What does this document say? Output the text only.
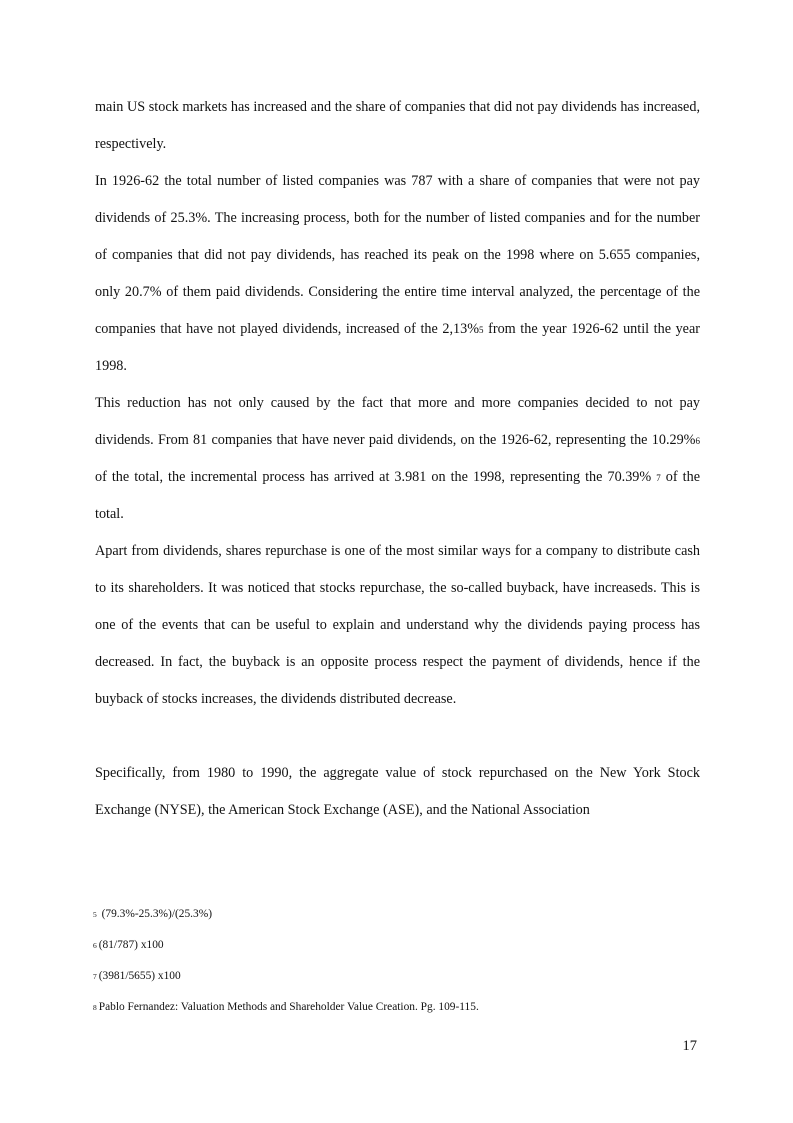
main US stock markets has increased and the share of companies that did not pay dividends has increased, respectively.

In 1926-62 the total number of listed companies was 787 with a share of companies that were not pay dividends of 25.3%. The increasing process, both for the number of listed companies and for the number of companies that did not pay dividends, has reached its peak on the 1998 where on 5.655 companies, only 20.7% of them paid dividends. Considering the entire time interval analyzed, the percentage of the companies that have not played dividends, increased of the 2,13%5 from the year 1926-62 until the year 1998.

This reduction has not only caused by the fact that more and more companies decided to not pay dividends. From 81 companies that have never paid dividends, on the 1926-62, representing the 10.29%6 of the total, the incremental process has arrived at 3.981 on the 1998, representing the 70.39% 7 of the total.

Apart from dividends, shares repurchase is one of the most similar ways for a company to distribute cash to its shareholders. It was noticed that stocks repurchase, the so-called buyback, have increaseds. This is one of the events that can be useful to explain and understand why the dividends paying process has decreased. In fact, the buyback is an opposite process respect the payment of dividends, hence if the buyback of stocks increases, the dividends distributed decrease.

Specifically, from 1980 to 1990, the aggregate value of stock repurchased on the New York Stock Exchange (NYSE), the American Stock Exchange (ASE), and the National Association

5 (79.3%-25.3%)/(25.3%)
6 (81/787) x100
7 (3981/5655) x100
8 Pablo Fernandez: Valuation Methods and Shareholder Value Creation. Pg. 109-115.
17
